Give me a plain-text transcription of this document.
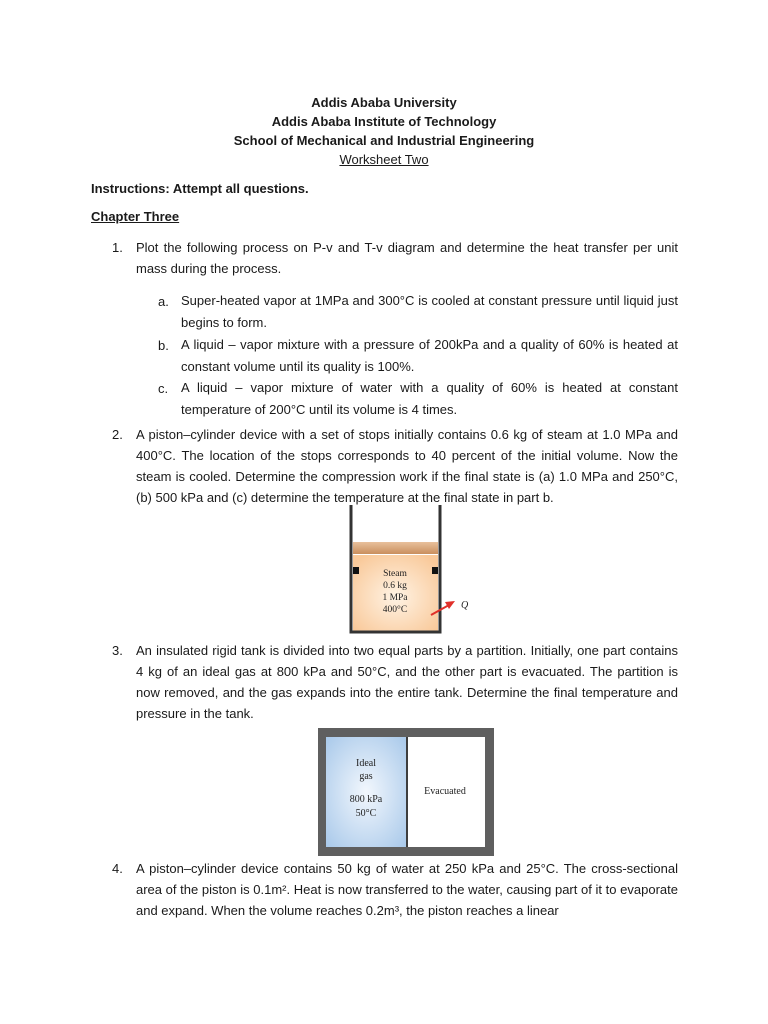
Addis Ababa University
Addis Ababa Institute of Technology
School of Mechanical and Industrial Engineering
Worksheet Two
Instructions: Attempt all questions.
Chapter Three
1. Plot the following process on P-v and T-v diagram and determine the heat transfer per unit mass during the process.

a. Super-heated vapor at 1MPa and 300°C is cooled at constant pressure until liquid just begins to form.

b. A liquid – vapor mixture with a pressure of 200kPa and a quality of 60% is heated at constant volume until its quality is 100%.

c. A liquid – vapor mixture of water with a quality of 60% is heated at constant temperature of 200°C until its volume is 4 times.

2. A piston–cylinder device with a set of stops initially contains 0.6 kg of steam at 1.0 MPa and 400°C. The location of the stops corresponds to 40 percent of the initial volume. Now the steam is cooled. Determine the compression work if the final state is (a) 1.0 MPa and 250°C, (b) 500 kPa and (c) determine the temperature at the final state in part b.

Steam
0.6 kg
1 MPa
400°C	Q
3. An insulated rigid tank is divided into two equal parts by a partition. Initially, one part contains 4 kg of an ideal gas at 800 kPa and 50°C, and the other part is evacuated. The partition is now removed, and the gas expands into the entire tank. Determine the final temperature and pressure in the tank.

Ideal
gas
800 kPa
50°C
Evacuated
4. A piston–cylinder device contains 50 kg of water at 250 kPa and 25°C. The cross-sectional area of the piston is 0.1m². Heat is now transferred to the water, causing part of it to evaporate and expand. When the volume reaches 0.2m³, the piston reaches a linear
